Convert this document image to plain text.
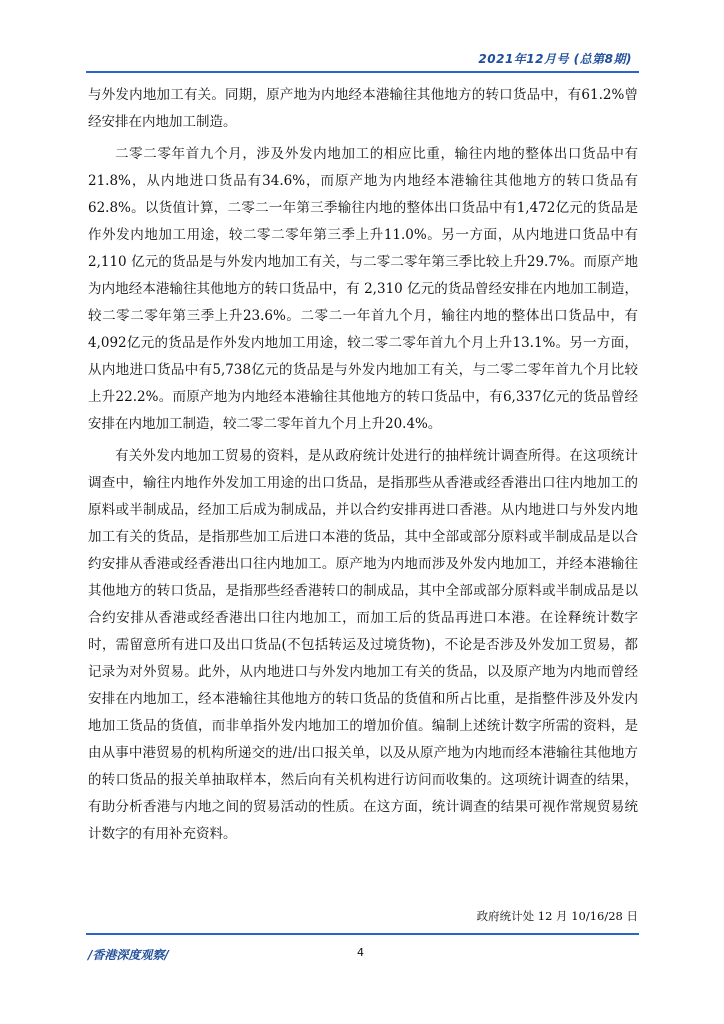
2021年12月号 (总第8期)

与外发内地加工有关。同期，原产地为内地经本港输往其他地方的转口货品中，有61.2%曾经安排在内地加工制造。

二零二零年首九个月，涉及外发内地加工的相应比重，输往内地的整体出口货品中有21.8%，从内地进口货品有34.6%，而原产地为内地经本港输往其他地方的转口货品有62.8%。以货值计算，二零二一年第三季输往内地的整体出口货品中有1,472亿元的货品是作外发内地加工用途，较二零二零年第三季上升11.0%。另一方面，从内地进口货品中有 2,110 亿元的货品是与外发内地加工有关，与二零二零年第三季比较上升29.7%。而原产地为内地经本港输往其他地方的转口货品中，有 2,310 亿元的货品曾经安排在内地加工制造，较二零二零年第三季上升23.6%。二零二一年首九个月，输往内地的整体出口货品中，有4,092亿元的货品是作外发内地加工用途，较二零二零年首九个月上升13.1%。另一方面，从内地进口货品中有5,738亿元的货品是与外发内地加工有关，与二零二零年首九个月比较上升22.2%。而原产地为内地经本港输往其他地方的转口货品中，有6,337亿元的货品曾经安排在内地加工制造，较二零二零年首九个月上升20.4%。

有关外发内地加工贸易的资料，是从政府统计处进行的抽样统计调查所得。在这项统计调查中，输往内地作外发加工用途的出口货品，是指那些从香港或经香港出口往内地加工的原料或半制成品，经加工后成为制成品，并以合约安排再进口香港。从内地进口与外发内地加工有关的货品，是指那些加工后进口本港的货品，其中全部或部分原料或半制成品是以合约安排从香港或经香港出口往内地加工。原产地为内地而涉及外发内地加工，并经本港输往其他地方的转口货品，是指那些经香港转口的制成品，其中全部或部分原料或半制成品是以合约安排从香港或经香港出口往内地加工，而加工后的货品再进口本港。在诠释统计数字时，需留意所有进口及出口货品(不包括转运及过境货物)，不论是否涉及外发加工贸易，都记录为对外贸易。此外，从内地进口与外发内地加工有关的货品，以及原产地为内地而曾经安排在内地加工，经本港输往其他地方的转口货品的货值和所占比重，是指整件涉及外发内地加工货品的货值，而非单指外发内地加工的增加价值。编制上述统计数字所需的资料，是由从事中港贸易的机构所递交的进/出口报关单，以及从原产地为内地而经本港输往其他地方的转口货品的报关单抽取样本，然后向有关机构进行访问而收集的。这项统计调查的结果，有助分析香港与内地之间的贸易活动的性质。在这方面，统计调查的结果可视作常规贸易统计数字的有用补充资料。

政府统计处 12 月 10/16/28 日
/香港深度观察/	4
